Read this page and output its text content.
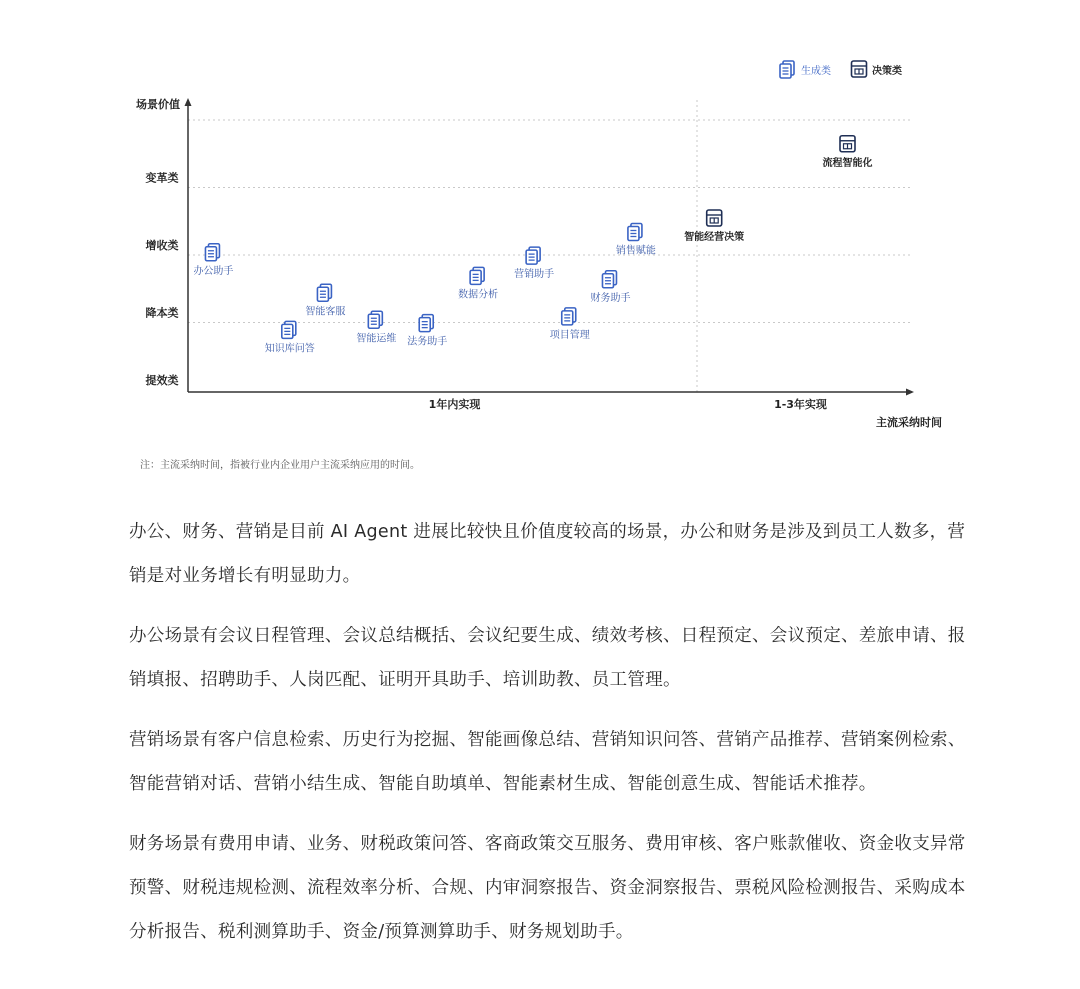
场景价值
主流采纳时间
提效类
降本类
增收类
变革类
1年内实现	1-3年实现
办公助手
知识库问答
智能客服
智能运维 法务助手
数据分析
营销助手
项目管理
财务助手
销售赋能
智能经营决策
流程智能化
生成类	决策类
注：主流采纳时间，指被行业内企业用户主流采纳应用的时间。

办公、财务、营销是目前 AI Agent 进展比较快且价值度较高的场景，办公和财务是涉及到员工人数多，营销是对业务增长有明显助力。

办公场景有会议日程管理、会议总结概括、会议纪要生成、绩效考核、日程预定、会议预定、差旅申请、报销填报、招聘助手、人岗匹配、证明开具助手、培训助教、员工管理。

营销场景有客户信息检索、历史行为挖掘、智能画像总结、营销知识问答、营销产品推荐、营销案例检索、智能营销对话、营销小结生成、智能自助填单、智能素材生成、智能创意生成、智能话术推荐。

财务场景有费用申请、业务、财税政策问答、客商政策交互服务、费用审核、客户账款催收、资金收支异常预警、财税违规检测、流程效率分析、合规、内审洞察报告、资金洞察报告、票税风险检测报告、采购成本分析报告、税利测算助手、资金/预算测算助手、财务规划助手。
